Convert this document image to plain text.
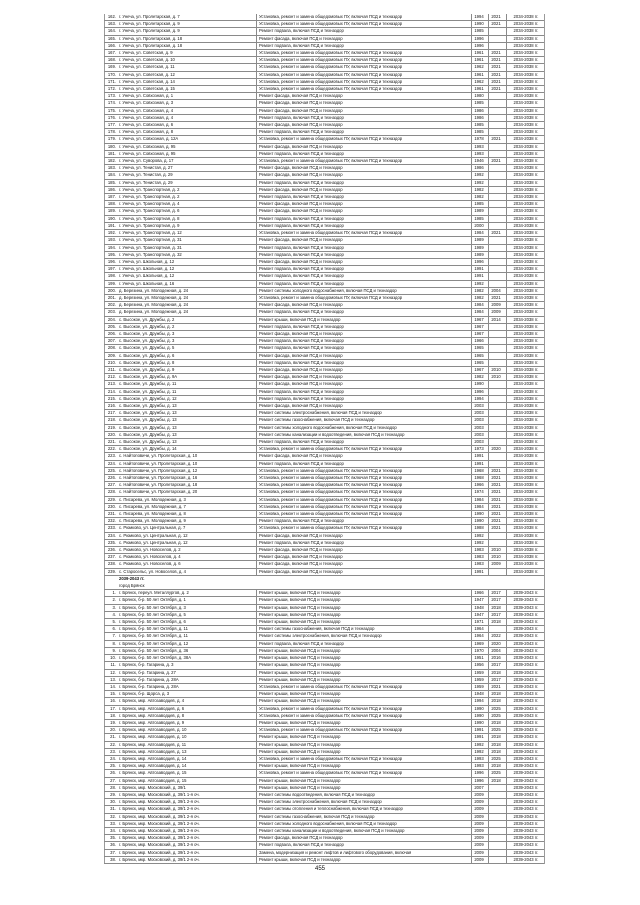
162. г. Унеча, ул. Пролетарская, д. 7	Установка, ремонт и замена общедомовых ПУ, включая ПСД и техназдор	1994	2021	2034-2038 гг.
163. г. Унеча, ул. Пролетарская, д. 9	Установка, ремонт и замена общедомовых ПУ, включая ПСД и техназдор	1990	2021	2034-2038 гг.
164. г. Унеча, ул. Пролетарская, д. 9	Ремонт подвала, включая ПСД и техназдор	1985	2034-2038 гг.
165. г. Унеча, ул. Пролетарская, д. 18	Ремонт фасада, включая ПСД и техназдор	1996	2034-2038 гг.
166. г. Унеча, ул. Пролетарская, д. 18	Ремонт подвала, включая ПСД и техназдор	1996	2034-2038 гг.
167. г. Унеча, ул. Советская, д. 9	Установка, ремонт и замена общедомовых ПУ, включая ПСД и техназдор	1961	2021	2034-2038 гг.
168. г. Унеча, ул. Советская, д. 10	Установка, ремонт и замена общедомовых ПУ, включая ПСД и техназдор	1961	2021	2034-2038 гг.
169. г. Унеча, ул. Советская, д. 11	Установка, ремонт и замена общедомовых ПУ, включая ПСД и техназдор	1962	2021	2034-2038 гг.
170. г. Унеча, ул. Советская, д. 12	Установка, ремонт и замена общедомовых ПУ, включая ПСД и техназдор	1961	2021	2034-2038 гг.
171. г. Унеча, ул. Советская, д. 14	Установка, ремонт и замена общедомовых ПУ, включая ПСД и техназдор	1962	2021	2034-2038 гг.
172. г. Унеча, ул. Советская, д. 15	Установка, ремонт и замена общедомовых ПУ, включая ПСД и техназдор	1961	2021	2034-2038 гг.
173. г. Унеча, ул. Совхозная, д. 1	Ремонт фасада, включая ПСД и техназдор	1980	2034-2038 гг.
174. г. Унеча, ул. Совхозная, д. 3	Ремонт фасада, включая ПСД и техназдор	1985	2034-2038 гг.
175. г. Унеча, ул. Совхозная, д. 4	Ремонт фасада, включая ПСД и техназдор	1986	2034-2038 гг.
176. г. Унеча, ул. Совхозная, д. 4	Ремонт подвала, включая ПСД и техназдор	1986	2034-2038 гг.
177. г. Унеча, ул. Совхозная, д. 6	Ремонт фасада, включая ПСД и техназдор	1985	2034-2038 гг.
178. г. Унеча, ул. Совхозная, д. 8	Ремонт подвала, включая ПСД и техназдор	1985	2034-2038 гг.
179. г. Унеча, ул. Совхозная, д. 12А	Установка, ремонт и замена общедомовых ПУ, включая ПСД и техназдор	1978	2021	2034-2038 гг.
180. г. Унеча, ул. Совхозная, д. 95	Ремонт фасада, включая ПСД и техназдор	1993	2034-2038 гг.
181. г. Унеча, ул. Совхозная, д. 95	Ремонт подвала, включая ПСД и техназдор	1993	2034-2038 гг.
182. г. Унеча, ул. Суворова, д. 17	Установка, ремонт и замена общедомовых ПУ, включая ПСД и техназдор	1946	2021	2034-2038 гг.
183. г. Унеча, ул. Тенистая, д. 27	Ремонт фасада, включая ПСД и техназдор	1986	2034-2038 гг.
184. г. Унеча, ул. Тенистая, д. 29	Ремонт фасада, включая ПСД и техназдор	1992	2034-2038 гг.
185. г. Унеча, ул. Тенистая, д. 29	Ремонт подвала, включая ПСД и техназдор	1992	2034-2038 гг.
186. г. Унеча, ул. Транспортная, д. 2	Ремонт фасада, включая ПСД и техназдор	1982	2034-2038 гг.
187. г. Унеча, ул. Транспортная, д. 2	Ремонт подвала, включая ПСД и техназдор	1982	2034-2038 гг.
188. г. Унеча, ул. Транспортная, д. 4	Ремонт фасада, включая ПСД и техназдор	1985	2034-2038 гг.
189. г. Унеча, ул. Транспортная, д. 6	Ремонт фасада, включая ПСД и техназдор	1989	2034-2038 гг.
190. г. Унеча, ул. Транспортная, д. 8	Ремонт подвала, включая ПСД и техназдор	1985	2034-2038 гг.
191. г. Унеча, ул. Транспортная, д. 9	Ремонт подвала, включая ПСД и техназдор	2000	2034-2038 гг.
192. г. Унеча, ул. Транспортная, д. 12	Установка, ремонт и замена общедомовых ПУ, включая ПСД и техназдор	1984	2021	2034-2038 гг.
193. г. Унеча, ул. Транспортная, д. 31	Ремонт фасада, включая ПСД и техназдор	1989	2034-2038 гг.
194. г. Унеча, ул. Транспортная, д. 31	Ремонт подвала, включая ПСД и техназдор	1989	2034-2038 гг.
195. г. Унеча, ул. Транспортная, д. 32	Ремонт подвала, включая ПСД и техназдор	1989	2034-2038 гг.
196. г. Унеча, ул. Школьная, д. 12	Ремонт фасада, включая ПСД и техназдор	1996	2034-2038 гг.
197. г. Унеча, ул. Школьная, д. 12	Ремонт подвала, включая ПСД и техназдор	1991	2034-2038 гг.
198. г. Унеча, ул. Школьная, д. 12	Ремонт подвала, включая ПСД и техназдор	1991	2034-2038 гг.
199. г. Унеча, ул. Школьная, д. 16	Ремонт подвала, включая ПСД и техназдор	1992	2034-2038 гг.
200. д. Березина, ул. Молодежная, д. 24	Ремонт системы холодного водоснабжения, включая ПСД и техназдор	1982	2004	2034-2038 гг.
201. д. Березина, ул. Молодежная, д. 24	Установка, ремонт и замена общедомовых ПУ, включая ПСД и техназдор	1982	2021	2034-2038 гг.
202. д. Березина, ул. Молодежная, д. 24	Ремонт фасада, включая ПСД и техназдор	1984	2009	2034-2038 гг.
203. д. Березина, ул. Молодежная, д. 24	Ремонт подвала, включая ПСД и техназдор	1984	2009	2034-2038 гг.
204. с. Высокое, ул. Дружбы, д. 2	Ремонт крыши, включая ПСД и техназдор	1967	2014	2034-2038 гг.
205. с. Высокое, ул. Дружбы, д. 2	Ремонт подвала, включая ПСД и техназдор	1967	2034-2038 гг.
206. с. Высокое, ул. Дружбы, д. 3	Ремонт фасада, включая ПСД и техназдор	1967	2034-2038 гг.
207. с. Высокое, ул. Дружбы, д. 3	Ремонт подвала, включая ПСД и техназдор	1966	2034-2038 гг.
208. с. Высокое, ул. Дружбы, д. 5	Ремонт подвала, включая ПСД и техназдор	1965	2034-2038 гг.
209. с. Высокое, ул. Дружбы, д. 6	Ремонт фасада, включая ПСД и техназдор	1965	2034-2038 гг.
210. с. Высокое, ул. Дружбы, д. 8	Ремонт подвала, включая ПСД и техназдор	1965	2034-2038 гг.
211. с. Высокое, ул. Дружбы, д. 9	Ремонт фасада, включая ПСД и техназдор	1967	2010	2034-2038 гг.
212. с. Высокое, ул. Дружбы, д. 9А	Ремонт фасада, включая ПСД и техназдор	1982	2010	2034-2038 гг.
213. с. Высокое, ул. Дружбы, д. 11	Ремонт фасада, включая ПСД и техназдор	1990	2034-2038 гг.
214. с. Высокое, ул. Дружбы, д. 11	Ремонт подвала, включая ПСД и техназдор	1996	2034-2038 гг.
215. с. Высокое, ул. Дружбы, д. 12	Ремонт подвала, включая ПСД и техназдор	1994	2034-2038 гг.
216. с. Высокое, ул. Дружбы, д. 13	Ремонт фасада, включая ПСД и техназдор	2003	2034-2038 гг.
217. с. Высокое, ул. Дружбы, д. 13	Ремонт системы электроснабжения, включая ПСД и техназдор	2003	2034-2038 гг.
218. с. Высокое, ул. Дружбы, д. 13	Ремонт системы газоснабжения, включая ПСД и техназдор	2003	2034-2038 гг.
219. с. Высокое, ул. Дружбы, д. 13	Ремонт системы холодного водоснабжения, включая ПСД и техназдор	2003	2034-2038 гг.
220. с. Высокое, ул. Дружбы, д. 13	Ремонт системы канализации и водоотведения, включая ПСД и техназдор	2003	2034-2038 гг.
221. с. Высокое, ул. Дружбы, д. 13	Ремонт подвала, включая ПСД и техназдор	2003	2034-2038 гг.
222. с. Высокое, ул. Дружбы, д. 14	Установка, ремонт и замена общедомовых ПУ, включая ПСД и техназдор	1973	2020	2034-2038 гг.
223. с. Найтоповичи, ул. Пролетарская, д. 10	Ремонт фасада, включая ПСД и техназдор	1991	2034-2038 гг.
224. с. Найтоповичи, ул. Пролетарская, д. 10	Ремонт подвала, включая ПСД и техназдор	1991	2034-2038 гг.
225. с. Найтоповичи, ул. Пролетарская, д. 12	Установка, ремонт и замена общедомовых ПУ, включая ПСД и техназдор	1968	2021	2034-2038 гг.
226. с. Найтоповичи, ул. Пролетарская, д. 16	Установка, ремонт и замена общедомовых ПУ, включая ПСД и техназдор	1968	2021	2034-2038 гг.
227. с. Найтоповичи, ул. Пролетарская, д. 18	Установка, ремонт и замена общедомовых ПУ, включая ПСД и техназдор	1966	2021	2034-2038 гг.
228. с. Найтоповичи, ул. Пролетарская, д. 20	Установка, ремонт и замена общедомовых ПУ, включая ПСД и техназдор	1974	2021	2034-2038 гг.
229. с. Писарева, ул. Молодежная, д. 3	Установка, ремонт и замена общедомовых ПУ, включая ПСД и техназдор	1984	2021	2034-2038 гг.
230. с. Писарева, ул. Молодежная, д. 7	Установка, ремонт и замена общедомовых ПУ, включая ПСД и техназдор	1984	2021	2034-2038 гг.
231. с. Писарева, ул. Молодежная, д. 8	Установка, ремонт и замена общедомовых ПУ, включая ПСД и техназдор	1990	2021	2034-2038 гг.
232. с. Писарева, ул. Молодежная, д. 9	Ремонт подвала, включая ПСД и техназдор	1990	2021	2034-2038 гг.
233. с. Рюмково, ул. Центральная, д. 7	Установка, ремонт и замена общедомовых ПУ, включая ПСД и техназдор	1988	2021	2034-2038 гг.
234. с. Рюмково, ул. Центральная, д. 12	Ремонт фасада, включая ПСД и техназдор	1992	2034-2038 гг.
235. с. Рюмково, ул. Центральная, д. 12	Ремонт подвала, включая ПСД и техназдор	1992	2034-2038 гг.
236. с. Рюмково, ул. Новоселов, д. 2	Ремонт фасада, включая ПСД и техназдор	1983	2010	2034-2038 гг.
237. с. Рюмково, ул. Новоселов, д. 4	Ремонт фасада, включая ПСД и техназдор	1983	2010	2034-2038 гг.
238. с. Рюмково, ул. Новоселов, д. 6	Ремонт фасада, включая ПСД и техназдор	1983	2009	2034-2038 гг.
239. с. Старосельс, ул. Новоселов, д. 4	Ремонт фасада, включая ПСД и техназдор	1991	2034-2038 гг.
2039-2043 гг.
город Брянск
1. г. Брянск, переул. Металлургов, д. 2	Ремонт крыши, включая ПСД и техназдор	1966	2017	2039-2043 гг.
2. г. Брянск, б-р. 50 лет Октября, д. 1	Ремонт крыши, включая ПСД и техназдор	1947	2017	2039-2043 гг.
3. г. Брянск, б-р. 50 лет Октября, д. 3	Ремонт крыши, включая ПСД и техназдор	1948	2018	2039-2043 гг.
4. г. Брянск, б-р. 50 лет Октября, д. 5	Ремонт крыши, включая ПСД и техназдор	1947	2017	2039-2043 гг.
5. г. Брянск, б-р. 50 лет Октября, д. 6	Ремонт крыши, включая ПСД и техназдор	1971	2018	2039-2043 гг.
6. г. Брянск, б-р. 50 лет Октября, д. 11	Ремонт системы газоснабжения, включая ПСД и техназдор	1964	2039-2043 гг.
7. г. Брянск, б-р. 50 лет Октября, д. 11	Ремонт системы электроснабжения, включая ПСД и техназдор	1964	2022	2039-2043 гг.
8. г. Брянск, б-р. 50 лет Октября, д. 12	Ремонт подвала, включая ПСД и техназдор	1969	2020	2039-2043 гг.
9. г. Брянск, б-р. 50 лет Октября, д. 36	Ремонт крыши, включая ПСД и техназдор	1970	2004	2039-2043 гг.
10. г. Брянск, б-р. 50 лет Октября, д. 38А	Ремонт крыши, включая ПСД и техназдор	1951	2016	2039-2043 гг.
11. г. Брянск, б-р. Гагарина, д. 3	Ремонт крыши, включая ПСД и техназдор	1956	2017	2039-2043 гг.
12. г. Брянск, б-р. Гагарина, д. 27	Ремонт крыши, включая ПСД и техназдор	1959	2018	2039-2043 гг.
13. г. Брянск, б-р. Гагарина, д. 28А	Ремонт крыши, включая ПСД и техназдор	1959	2017	2039-2043 гг.
14. г. Брянск, б-р. Гагарина, д. 28А	Установка, ремонт и замена общедомовых ПУ, включая ПСД и техназдор	1959	2021	2039-2043 гг.
15. г. Брянск, б-р. Щорса, д. 3	Ремонт крыши, включая ПСД и техназдор	1948	2018	2039-2043 гг.
16. г. Брянск, мкр. Автозаводцев, д. 4	Ремонт крыши, включая ПСД и техназдор	1994	2018	2039-2043 гг.
17. г. Брянск, мкр. Автозаводцев, д. 6	Установка, ремонт и замена общедомовых ПУ, включая ПСД и техназдор	1990	2025	2039-2043 гг.
18. г. Брянск, мкр. Автозаводцев, д. 8	Установка, ремонт и замена общедомовых ПУ, включая ПСД и техназдор	1990	2025	2039-2043 гг.
19. г. Брянск, мкр. Автозаводцев, д. 9	Ремонт крыши, включая ПСД и техназдор	1990	2018	2039-2043 гг.
20. г. Брянск, мкр. Автозаводцев, д. 10	Установка, ремонт и замена общедомовых ПУ, включая ПСД и техназдор	1991	2025	2039-2043 гг.
21. г. Брянск, мкр. Автозаводцев, д. 10	Ремонт крыши, включая ПСД и техназдор	1991	2018	2039-2043 гг.
22. г. Брянск, мкр. Автозаводцев, д. 11	Ремонт крыши, включая ПСД и техназдор	1992	2018	2039-2043 гг.
23. г. Брянск, мкр. Автозаводцев, д. 13	Ремонт крыши, включая ПСД и техназдор	1992	2018	2039-2043 гг.
24. г. Брянск, мкр. Автозаводцев, д. 14	Установка, ремонт и замена общедомовых ПУ, включая ПСД и техназдор	1993	2025	2039-2043 гг.
25. г. Брянск, мкр. Автозаводцев, д. 14	Ремонт крыши, включая ПСД и техназдор	1993	2018	2039-2043 гг.
26. г. Брянск, мкр. Автозаводцев, д. 15	Установка, ремонт и замена общедомовых ПУ, включая ПСД и техназдор	1996	2025	2039-2043 гг.
27. г. Брянск, мкр. Автозаводцев, д. 15	Ремонт крыши, включая ПСД и техназдор	1996	2018	2039-2043 гг.
28. г. Брянск, мкр. Московский, д. 39/1	Ремонт крыши, включая ПСД и техназдор	2007	2039-2043 гг.
29. г. Брянск, мкр. Московский, д. 39/1 1-я оч.	Ремонт системы водоотведения, включая ПСД и техназдор	2009	2039-2043 гг.
30. г. Брянск, мкр. Московский, д. 39/1 2-я оч.	Ремонт системы электроснабжения, включая ПСД и техназдор	2009	2039-2043 гг.
31. г. Брянск, мкр. Московский, д. 39/1 2-я оч.	Ремонт системы отопления и теплоснабжения, включая ПСД и техназдор	2009	2039-2043 гг.
32. г. Брянск, мкр. Московский, д. 39/1 2-я оч.	Ремонт системы газоснабжения, включая ПСД и техназдор	2009	2039-2043 гг.
33. г. Брянск, мкр. Московский, д. 39/1 2-я оч.	Ремонт системы холодного водоснабжения, включая ПСД и техназдор	2009	2039-2043 гг.
34. г. Брянск, мкр. Московский, д. 39/1 2-я оч.	Ремонт системы канализации и водоотведения, включая ПСД и техназдор	2009	2039-2043 гг.
35. г. Брянск, мкр. Московский, д. 39/1 2-я оч.	Ремонт фасада, включая ПСД и техназдор	2009	2039-2043 гг.
36. г. Брянск, мкр. Московский, д. 39/1 2-я оч.	Ремонт подвала, включая ПСД и техназдор	2009	2039-2043 гг.
37. г. Брянск, мкр. Московский, д. 39/1 2-я оч.	Замена, модернизация и ремонт лифтов и лифтового оборудования, включая	2009	2039-2043 гг.
38. г. Брянск, мкр. Московский, д. 39/1 2-я оч.	Ремонт крыши, включая ПСД и техназдор	2009	2039-2043 гг.
455
